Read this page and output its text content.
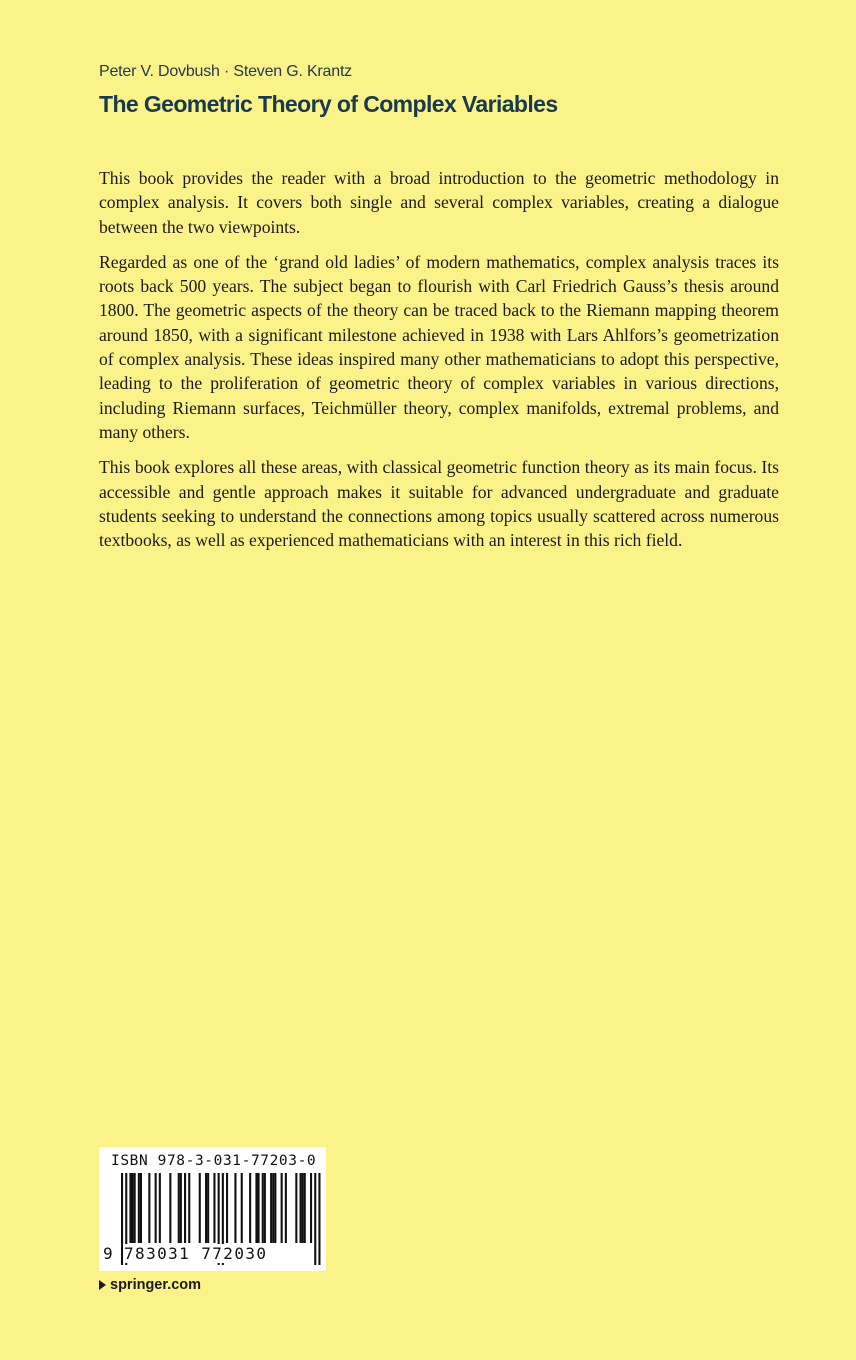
Peter V. Dovbush · Steven G. Krantz
The Geometric Theory of Complex Variables

This book provides the reader with a broad introduction to the geometric methodology in complex analysis. It covers both single and several complex variables, creating a dialogue between the two viewpoints.

Regarded as one of the ‘grand old ladies’ of modern mathematics, complex analysis traces its roots back 500 years. The subject began to flourish with Carl Friedrich Gauss’s thesis around 1800. The geometric aspects of the theory can be traced back to the Riemann mapping theorem around 1850, with a significant milestone achieved in 1938 with Lars Ahlfors’s geometrization of complex analysis. These ideas inspired many other mathematicians to adopt this perspective, leading to the proliferation of geometric theory of complex variables in various directions, including Riemann surfaces, Teichmüller theory, complex manifolds, extremal problems, and many others.

This book explores all these areas, with classical geometric function theory as its main focus. Its accessible and gentle approach makes it suitable for advanced undergraduate and graduate students seeking to understand the connections among topics usually scattered across numerous textbooks, as well as experienced mathematicians with an interest in this rich field.

ISBN 978-3-031-77203-0
9 783031 772030
springer.com
